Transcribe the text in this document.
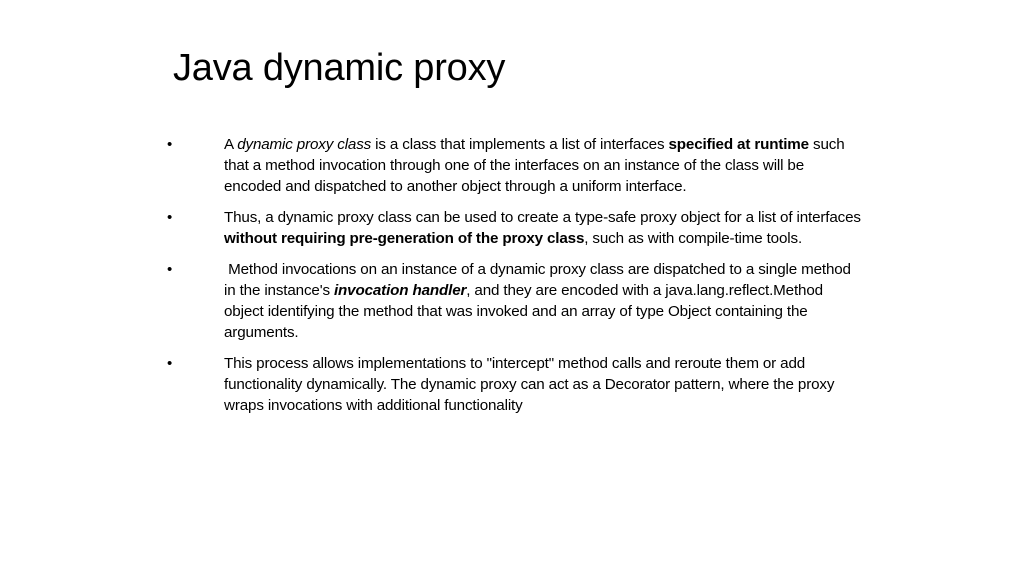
Java dynamic proxy
•	A dynamic proxy class is a class that implements a list of interfaces specified at runtime such that a method invocation through one of the interfaces on an instance of the class will be encoded and dispatched to another object through a uniform interface.
•	Thus, a dynamic proxy class can be used to create a type-safe proxy object for a list of interfaces without requiring pre-generation of the proxy class, such as with compile-time tools.
•	Method invocations on an instance of a dynamic proxy class are dispatched to a single method in the instance's invocation handler, and they are encoded with a java.lang.reflect.Method object identifying the method that was invoked and an array of type Object containing the arguments.
•	This process allows implementations to "intercept" method calls and reroute them or add functionality dynamically. The dynamic proxy can act as a Decorator pattern, where the proxy wraps invocations with additional functionality
